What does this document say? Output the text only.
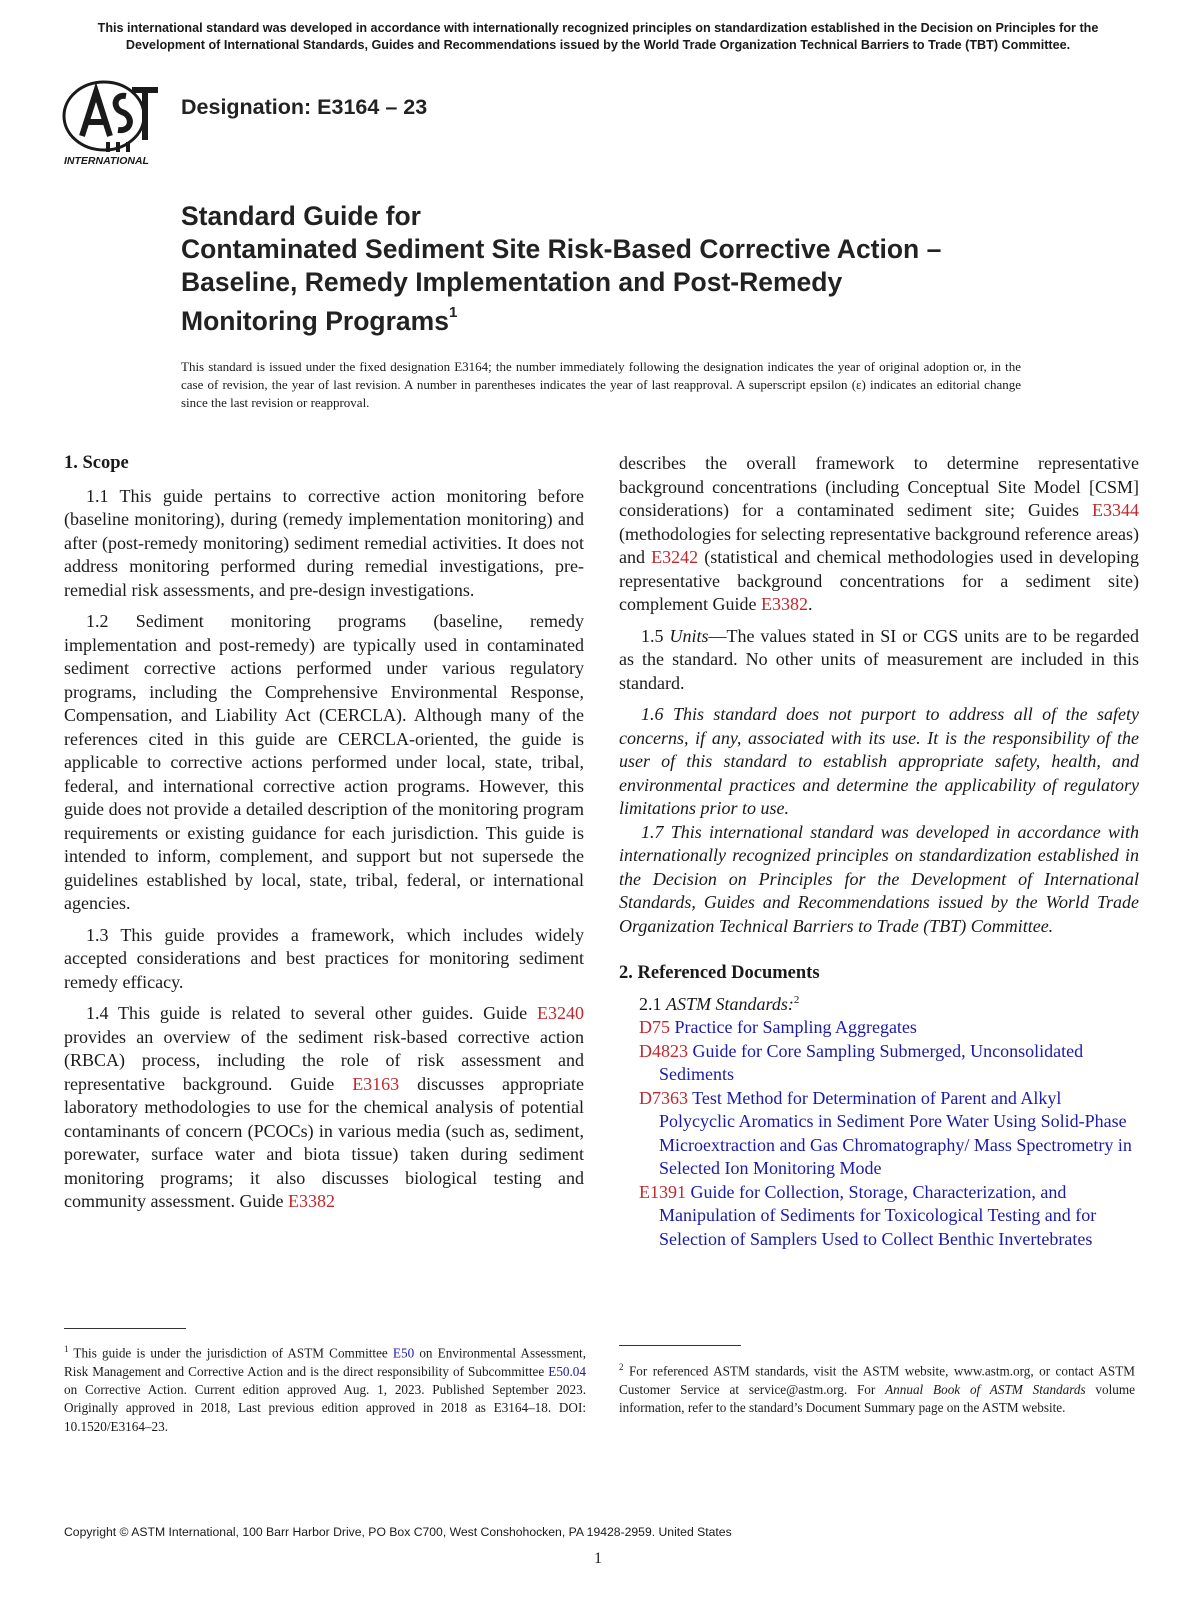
This international standard was developed in accordance with internationally recognized principles on standardization established in the Decision on Principles for the Development of International Standards, Guides and Recommendations issued by the World Trade Organization Technical Barriers to Trade (TBT) Committee.
INTERNATIONAL
Designation: E3164 – 23
Standard Guide for
Contaminated Sediment Site Risk-Based Corrective Action –
Baseline, Remedy Implementation and Post-Remedy
Monitoring Programs$^1$
This standard is issued under the fixed designation E3164; the number immediately following the designation indicates the year of original adoption or, in the case of revision, the year of last revision. A number in parentheses indicates the year of last reapproval. A superscript epsilon (ε) indicates an editorial change since the last revision or reapproval.
1. Scope

1.1 This guide pertains to corrective action monitoring before (baseline monitoring), during (remedy implementation monitoring) and after (post-remedy monitoring) sediment remedial activities. It does not address monitoring performed during remedial investigations, pre-remedial risk assessments, and pre-design investigations.

1.2 Sediment monitoring programs (baseline, remedy implementation and post-remedy) are typically used in contaminated sediment corrective actions performed under various regulatory programs, including the Comprehensive Environmental Response, Compensation, and Liability Act (CERCLA). Although many of the references cited in this guide are CERCLA-oriented, the guide is applicable to corrective actions performed under local, state, tribal, federal, and international corrective action programs. However, this guide does not provide a detailed description of the monitoring program requirements or existing guidance for each jurisdiction. This guide is intended to inform, complement, and support but not supersede the guidelines established by local, state, tribal, federal, or international agencies.

1.3 This guide provides a framework, which includes widely accepted considerations and best practices for monitoring sediment remedy efficacy.

1.4 This guide is related to several other guides. Guide E3240 provides an overview of the sediment risk-based corrective action (RBCA) process, including the role of risk assessment and representative background. Guide E3163 discusses appropriate laboratory methodologies to use for the chemical analysis of potential contaminants of concern (PCOCs) in various media (such as, sediment, porewater, surface water and biota tissue) taken during sediment monitoring programs; it also discusses biological testing and community assessment. Guide E3382

describes the overall framework to determine representative background concentrations (including Conceptual Site Model [CSM] considerations) for a contaminated sediment site; Guides E3344 (methodologies for selecting representative background reference areas) and E3242 (statistical and chemical methodologies used in developing representative background concentrations for a sediment site) complement Guide E3382.

1.5 Units—The values stated in SI or CGS units are to be regarded as the standard. No other units of measurement are included in this standard.

1.6 This standard does not purport to address all of the safety concerns, if any, associated with its use. It is the responsibility of the user of this standard to establish appropriate safety, health, and environmental practices and determine the applicability of regulatory limitations prior to use.

1.7 This international standard was developed in accordance with internationally recognized principles on standardization established in the Decision on Principles for the Development of International Standards, Guides and Recommendations issued by the World Trade Organization Technical Barriers to Trade (TBT) Committee.

2. Referenced Documents

2.1 ASTM Standards:$^2$

D75 Practice for Sampling Aggregates

D4823 Guide for Core Sampling Submerged, Unconsolidated Sediments

D7363 Test Method for Determination of Parent and Alkyl Polycyclic Aromatics in Sediment Pore Water Using Solid-Phase Microextraction and Gas Chromatography/ Mass Spectrometry in Selected Ion Monitoring Mode

E1391 Guide for Collection, Storage, Characterization, and Manipulation of Sediments for Toxicological Testing and for Selection of Samplers Used to Collect Benthic Invertebrates

$^1$ This guide is under the jurisdiction of ASTM Committee E50 on Environmental Assessment, Risk Management and Corrective Action and is the direct responsibility of Subcommittee E50.04 on Corrective Action. Current edition approved Aug. 1, 2023. Published September 2023. Originally approved in 2018, Last previous edition approved in 2018 as E3164–18. DOI: 10.1520/E3164–23.
$^2$ For referenced ASTM standards, visit the ASTM website, www.astm.org, or contact ASTM Customer Service at service@astm.org. For Annual Book of ASTM Standards volume information, refer to the standard’s Document Summary page on the ASTM website.
Copyright © ASTM International, 100 Barr Harbor Drive, PO Box C700, West Conshohocken, PA 19428-2959. United States
1
